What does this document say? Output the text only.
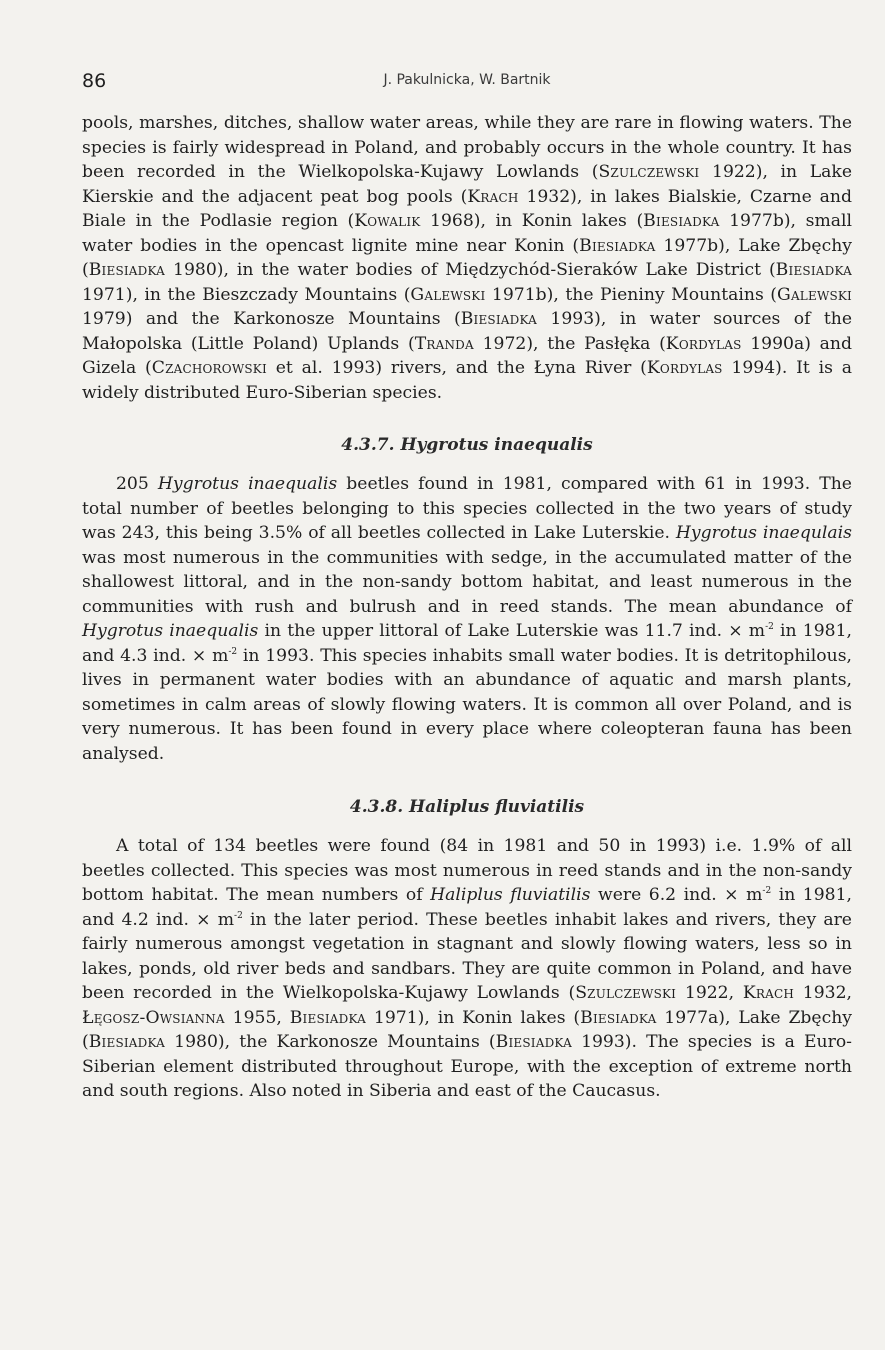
86	J. Pakulnicka, W. Bartnik

pools, marshes, ditches, shallow water areas, while they are rare in flowing waters. The species is fairly widespread in Poland, and probably occurs in the whole country. It has been recorded in the Wielkopolska-Kujawy Lowlands (Szulczewski 1922), in Lake Kierskie and the adjacent peat bog pools (Krach 1932), in lakes Bialskie, Czarne and Biale in the Podlasie region (Kowalik 1968), in Konin lakes (Biesiadka 1977b), small water bodies in the opencast lignite mine near Konin (Biesiadka 1977b), Lake Zbęchy (Biesiadka 1980), in the water bodies of Międzychód-Sieraków Lake District (Biesiadka 1971), in the Bieszczady Mountains (Galewski 1971b), the Pieniny Mountains (Galewski 1979) and the Karkonosze Mountains (Biesiadka 1993), in water sources of the Małopolska (Little Poland) Uplands (Tranda 1972), the Pasłęka (Kordylas 1990a) and Gizela (Czachorowski et al. 1993) rivers, and the Łyna River (Kordylas 1994). It is a widely distributed Euro-Siberian species.

4.3.7. Hygrotus inaequalis

205 Hygrotus inaequalis beetles found in 1981, compared with 61 in 1993. The total number of beetles belonging to this species collected in the two years of study was 243, this being 3.5% of all beetles collected in Lake Luterskie. Hygrotus inaequlais was most numerous in the communities with sedge, in the accumulated matter of the shallowest littoral, and in the non-sandy bottom habitat, and least numerous in the communities with rush and bulrush and in reed stands. The mean abundance of Hygrotus inaequalis in the upper littoral of Lake Luterskie was 11.7 ind. × $m^{-2}$ in 1981, and 4.3 ind. × $m^{-2}$ in 1993. This species inhabits small water bodies. It is detritophilous, lives in permanent water bodies with an abundance of aquatic and marsh plants, sometimes in calm areas of slowly flowing waters. It is common all over Poland, and is very numerous. It has been found in every place where coleopteran fauna has been analysed.

4.3.8. Haliplus fluviatilis

A total of 134 beetles were found (84 in 1981 and 50 in 1993) i.e. 1.9% of all beetles collected. This species was most numerous in reed stands and in the non-sandy bottom habitat. The mean numbers of Haliplus fluviatilis were 6.2 ind. × $m^{-2}$ in 1981, and 4.2 ind. × $m^{-2}$ in the later period. These beetles inhabit lakes and rivers, they are fairly numerous amongst vegetation in stagnant and slowly flowing waters, less so in lakes, ponds, old river beds and sandbars. They are quite common in Poland, and have been recorded in the Wielkopolska-Kujawy Lowlands (Szulczewski 1922, Krach 1932, Łęgosz-Owsianna 1955, Biesiadka 1971), in Konin lakes (Biesiadka 1977a), Lake Zbęchy (Biesiadka 1980), the Karkonosze Mountains (Biesiadka 1993). The species is a Euro-Siberian element distributed throughout Europe, with the exception of extreme north and south regions. Also noted in Siberia and east of the Caucasus.
